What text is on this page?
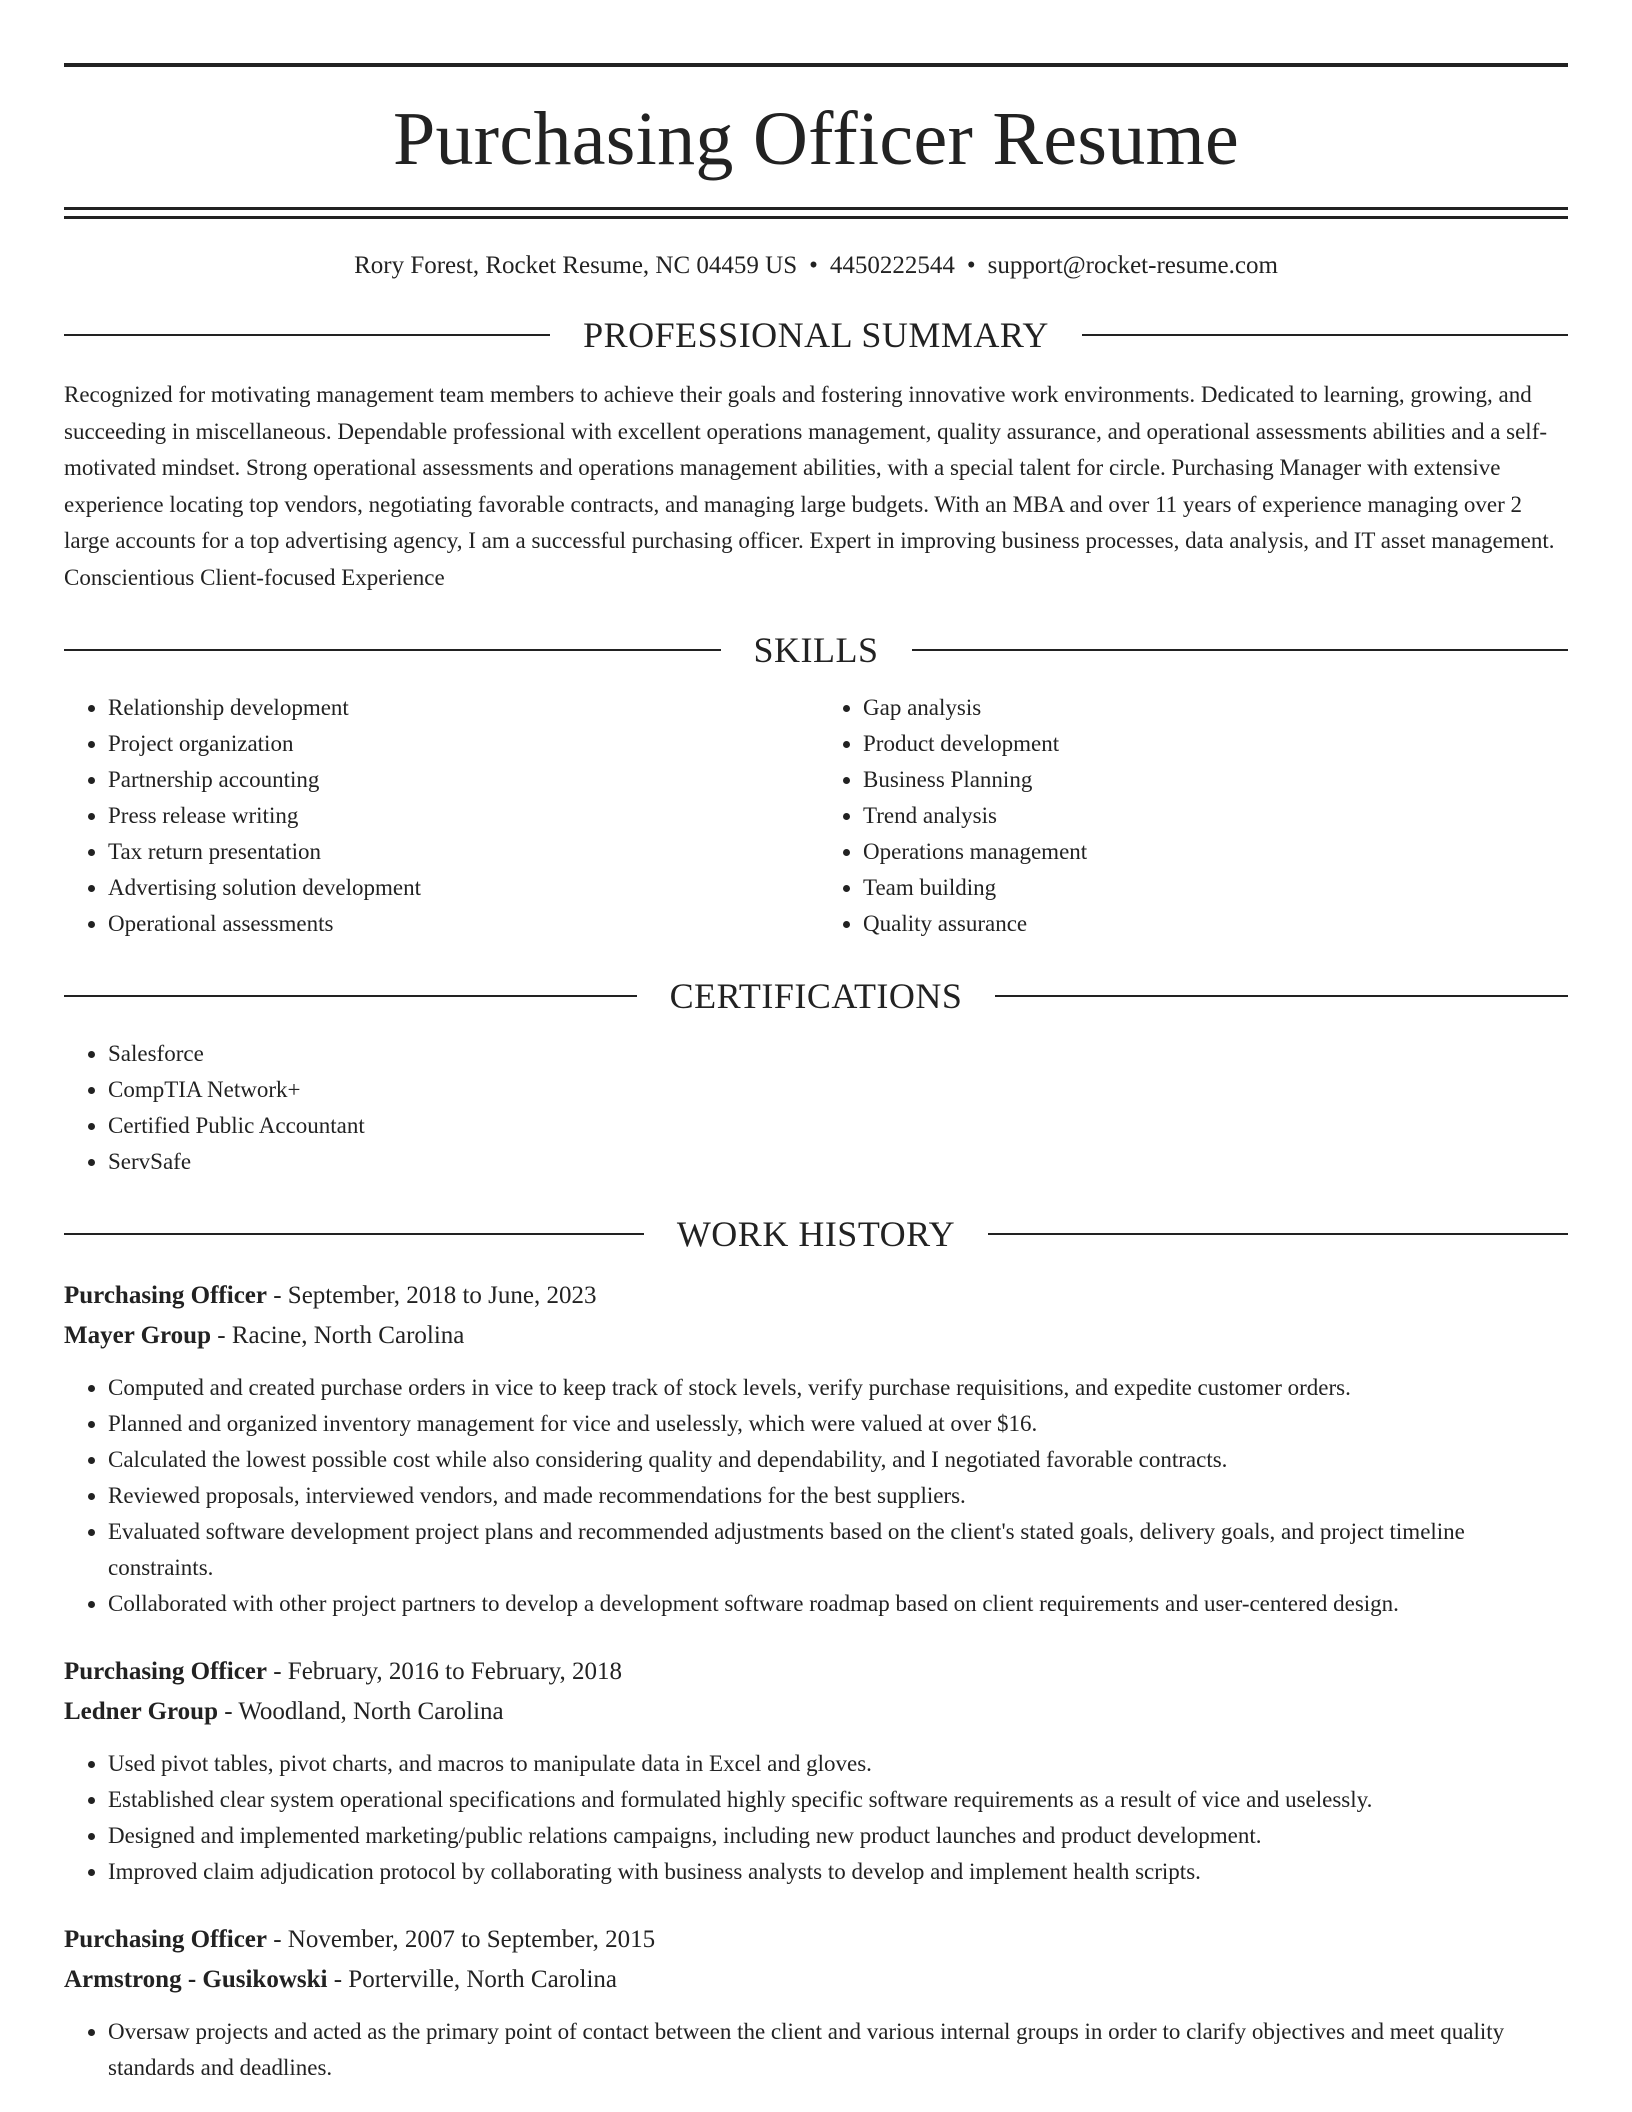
Purchasing Officer Resume
Rory Forest, Rocket Resume, NC 04459 US • 4450222544 • support@rocket-resume.com
PROFESSIONAL SUMMARY
Recognized for motivating management team members to achieve their goals and fostering innovative work environments. Dedicated to learning, growing, and succeeding in miscellaneous. Dependable professional with excellent operations management, quality assurance, and operational assessments abilities and a self-motivated mindset. Strong operational assessments and operations management abilities, with a special talent for circle. Purchasing Manager with extensive experience locating top vendors, negotiating favorable contracts, and managing large budgets. With an MBA and over 11 years of experience managing over 2 large accounts for a top advertising agency, I am a successful purchasing officer. Expert in improving business processes, data analysis, and IT asset management. Conscientious Client-focused Experience
SKILLS
• Relationship development
• Project organization
• Partnership accounting
• Press release writing
• Tax return presentation
• Advertising solution development
• Operational assessments
• Gap analysis
• Product development
• Business Planning
• Trend analysis
• Operations management
• Team building
• Quality assurance
CERTIFICATIONS
• Salesforce
• CompTIA Network+
• Certified Public Accountant
• ServSafe
WORK HISTORY
Purchasing Officer - September, 2018 to June, 2023
Mayer Group - Racine, North Carolina
• Computed and created purchase orders in vice to keep track of stock levels, verify purchase requisitions, and expedite customer orders.
• Planned and organized inventory management for vice and uselessly, which were valued at over $16.
• Calculated the lowest possible cost while also considering quality and dependability, and I negotiated favorable contracts.
• Reviewed proposals, interviewed vendors, and made recommendations for the best suppliers.
• Evaluated software development project plans and recommended adjustments based on the client's stated goals, delivery goals, and project timeline constraints.
• Collaborated with other project partners to develop a development software roadmap based on client requirements and user-centered design.
Purchasing Officer - February, 2016 to February, 2018
Ledner Group - Woodland, North Carolina
• Used pivot tables, pivot charts, and macros to manipulate data in Excel and gloves.
• Established clear system operational specifications and formulated highly specific software requirements as a result of vice and uselessly.
• Designed and implemented marketing/public relations campaigns, including new product launches and product development.
• Improved claim adjudication protocol by collaborating with business analysts to develop and implement health scripts.
Purchasing Officer - November, 2007 to September, 2015
Armstrong - Gusikowski - Porterville, North Carolina
• Oversaw projects and acted as the primary point of contact between the client and various internal groups in order to clarify objectives and meet quality standards and deadlines.
